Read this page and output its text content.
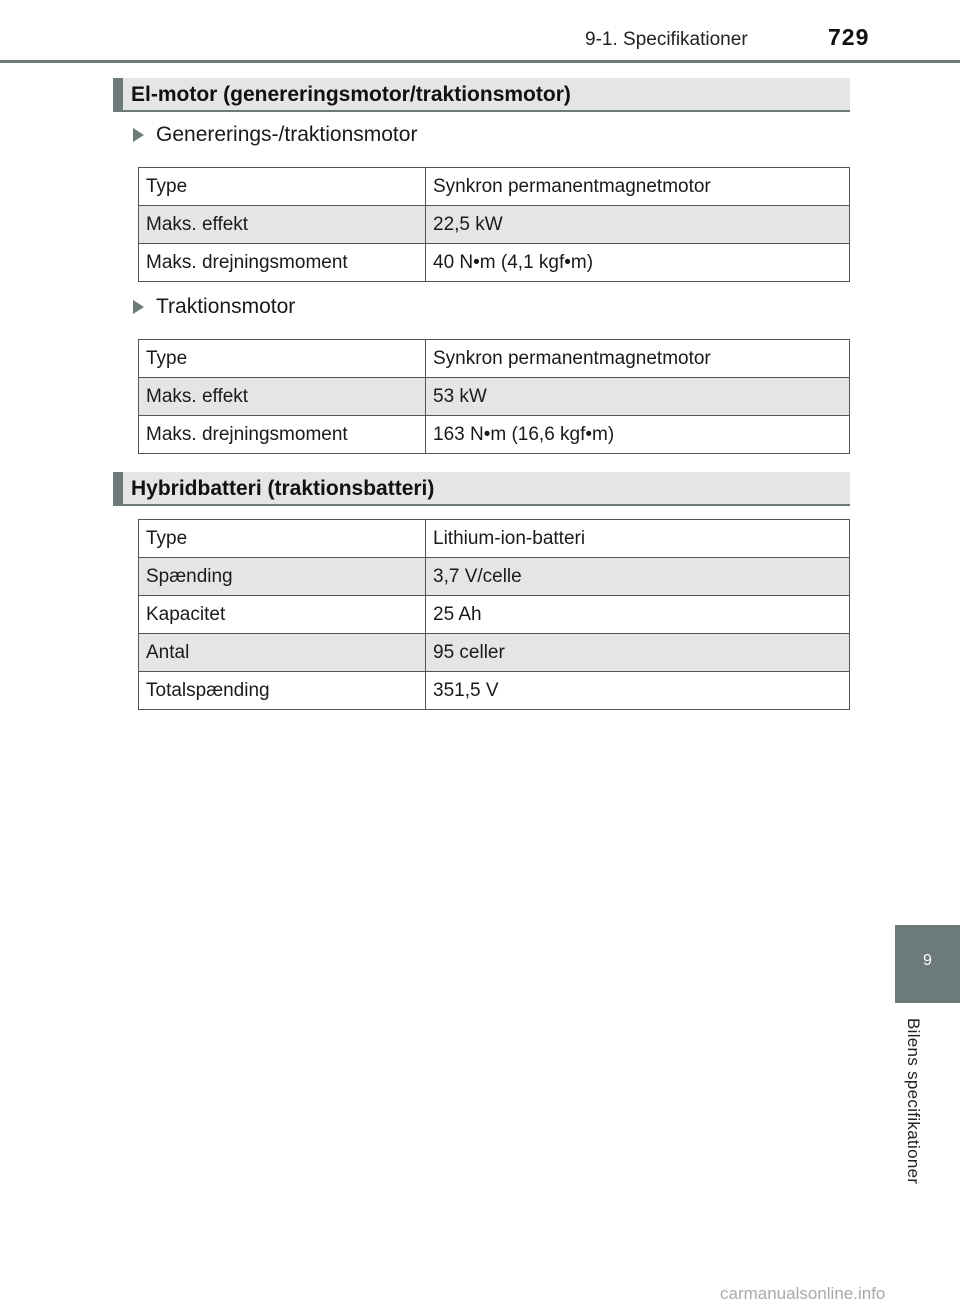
9-1. Specifikationer	729
El-motor (genereringsmotor/traktionsmotor)
Genererings-/traktionsmotor
Type	Synkron permanentmagnetmotor
Maks. effekt	22,5 kW
Maks. drejningsmoment	40 N•m (4,1 kgf•m)
Traktionsmotor
Type	Synkron permanentmagnetmotor
Maks. effekt	53 kW
Maks. drejningsmoment	163 N•m (16,6 kgf•m)
Hybridbatteri (traktionsbatteri)
Type	Lithium-ion-batteri
Spænding	3,7 V/celle
Kapacitet	25 Ah
Antal	95 celler
Totalspænding	351,5 V
9
Bilens specifikationer
carmanualsonline.info
